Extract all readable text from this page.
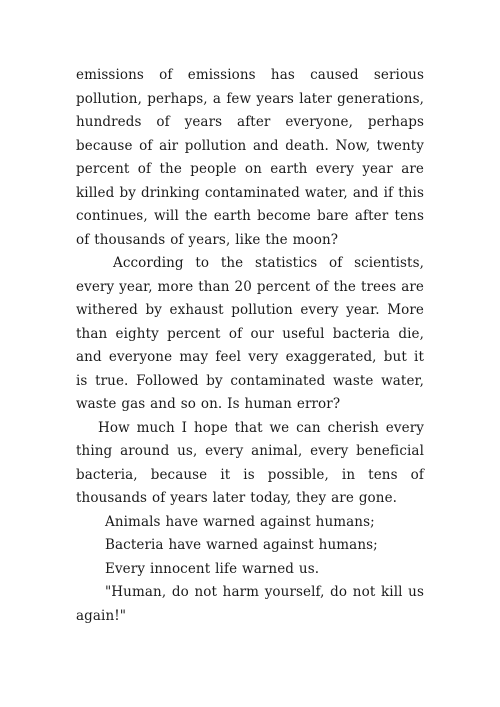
emissions of emissions has caused serious pollution, perhaps, a few years later generations, hundreds of years after everyone, perhaps because of air pollution and death. Now, twenty percent of the people on earth every year are killed by drinking contaminated water, and if this continues, will the earth become bare after tens of thousands of years, like the moon?

According to the statistics of scientists, every year, more than 20 percent of the trees are withered by exhaust pollution every year. More than eighty percent of our useful bacteria die, and everyone may feel very exaggerated, but it is true. Followed by contaminated waste water, waste gas and so on. Is human error?

How much I hope that we can cherish every thing around us, every animal, every beneficial bacteria, because it is possible, in tens of thousands of years later today, they are gone.

Animals have warned against humans;

Bacteria have warned against humans;

Every innocent life warned us.

"Human, do not harm yourself, do not kill us again!"
